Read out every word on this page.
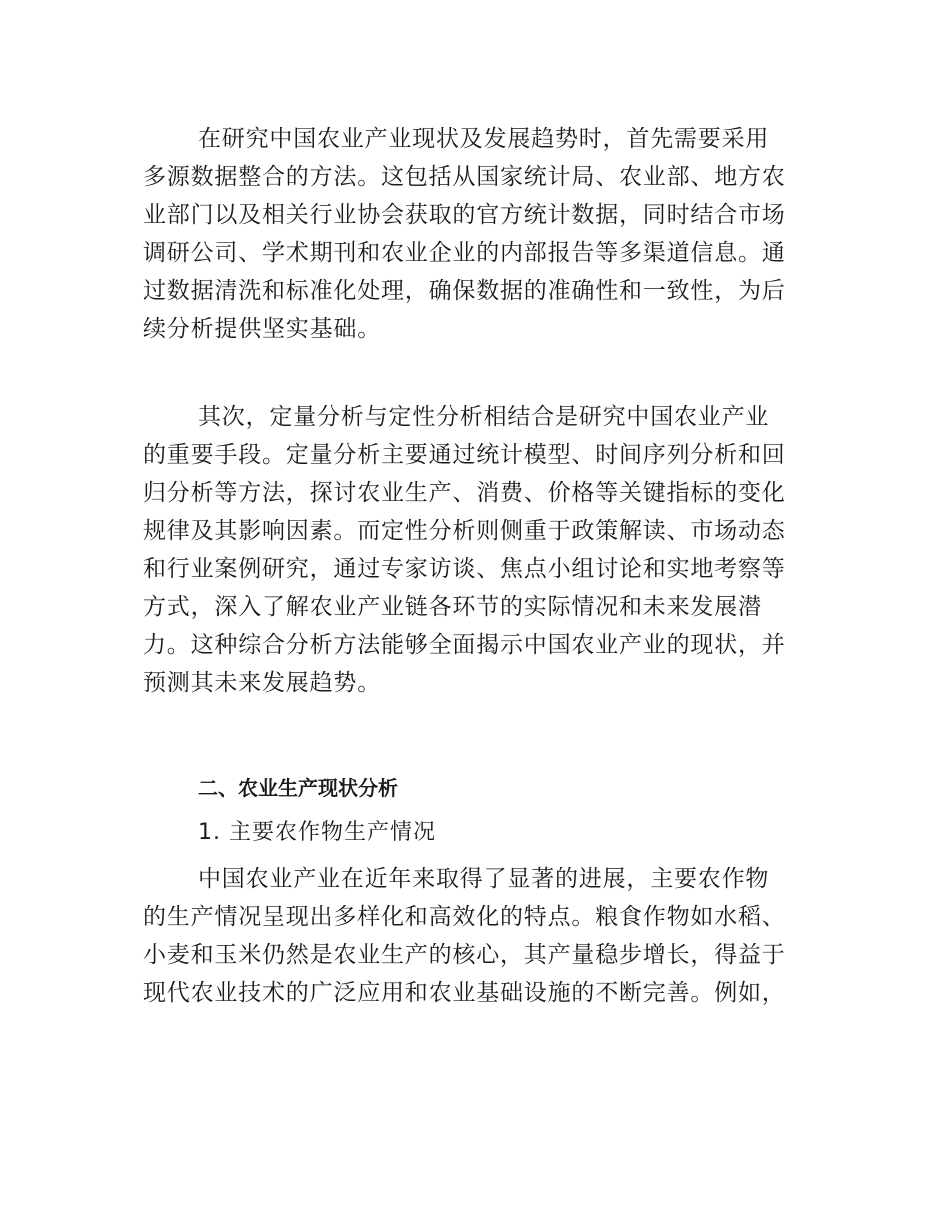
在研究中国农业产业现状及发展趋势时，首先需要采用
多源数据整合的方法。这包括从国家统计局、农业部、地方农
业部门以及相关行业协会获取的官方统计数据，同时结合市场
调研公司、学术期刊和农业企业的内部报告等多渠道信息。通
过数据清洗和标准化处理，确保数据的准确性和一致性，为后
续分析提供坚实基础。
其次，定量分析与定性分析相结合是研究中国农业产业
的重要手段。定量分析主要通过统计模型、时间序列分析和回
归分析等方法，探讨农业生产、消费、价格等关键指标的变化
规律及其影响因素。而定性分析则侧重于政策解读、市场动态
和行业案例研究，通过专家访谈、焦点小组讨论和实地考察等
方式，深入了解农业产业链各环节的实际情况和未来发展潜
力。这种综合分析方法能够全面揭示中国农业产业的现状，并
预测其未来发展趋势。
二、农业生产现状分析
1. 主要农作物生产情况
中国农业产业在近年来取得了显著的进展，主要农作物
的生产情况呈现出多样化和高效化的特点。粮食作物如水稻、
小麦和玉米仍然是农业生产的核心，其产量稳步增长，得益于
现代农业技术的广泛应用和农业基础设施的不断完善。例如，
